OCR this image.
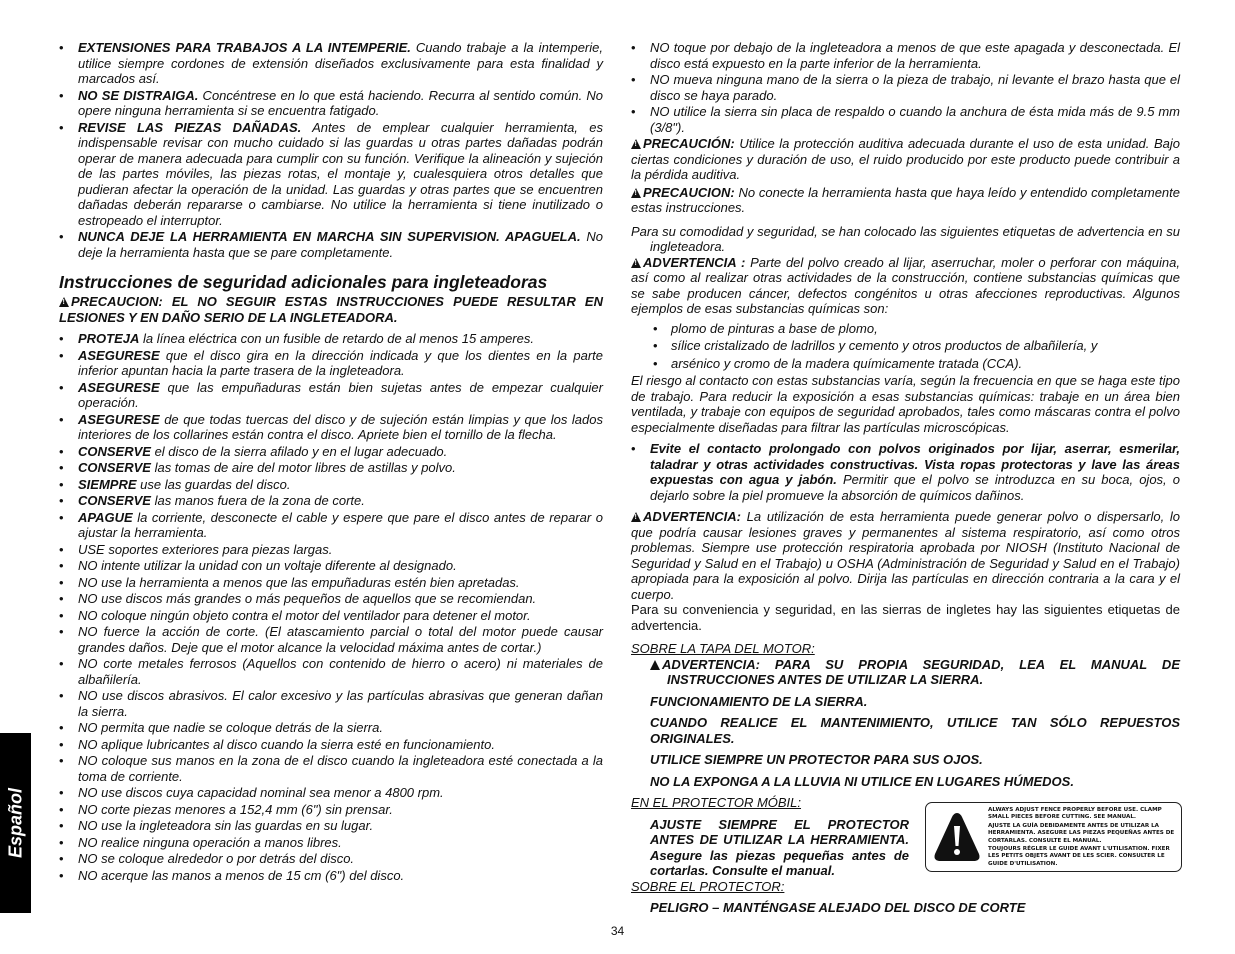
• EXTENSIONES PARA TRABAJOS A LA INTEMPERIE. Cuando trabaje a la intemperie, utilice siempre cordones de extensión diseñados exclusivamente para esta finalidad y marcados así.
• NO SE DISTRAIGA. Concéntrese en lo que está haciendo. Recurra al sentido común. No opere ninguna herramienta si se encuentra fatigado.
• REVISE LAS PIEZAS DAÑADAS. Antes de emplear cualquier herramienta, es indispensable revisar con mucho cuidado si las guardas u otras partes dañadas podrán operar de manera adecuada para cumplir con su función. Verifique la alineación y sujeción de las partes móviles, las piezas rotas, el montaje y, cualesquiera otros detalles que pudieran afectar la operación de la unidad. Las guardas y otras partes que se encuentren dañadas deberán repararse o cambiarse. No utilice la herramienta si tiene inutilizado o estropeado el interruptor.
• NUNCA DEJE LA HERRAMIENTA EN MARCHA SIN SUPERVISION. APAGUELA. No deje la herramienta hasta que se pare completamente.
Instrucciones de seguridad adicionales para ingleteadoras

!PRECAUCION: EL NO SEGUIR ESTAS INSTRUCCIONES PUEDE RESULTAR EN LESIONES Y EN DAÑO SERIO DE LA INGLETEADORA.

• PROTEJA la línea eléctrica con un fusible de retardo de al menos 15 amperes.
• ASEGURESE que el disco gira en la dirección indicada y que los dientes en la parte inferior apuntan hacia la parte trasera de la ingleteadora.
• ASEGURESE que las empuñaduras están bien sujetas antes de empezar cualquier operación.
• ASEGURESE de que todas tuercas del disco y de sujeción están limpias y que los lados interiores de los collarines están contra el disco. Apriete bien el tornillo de la flecha.
• CONSERVE el disco de la sierra afilado y en el lugar adecuado.
• CONSERVE las tomas de aire del motor libres de astillas y polvo.
• SIEMPRE use las guardas del disco.
• CONSERVE las manos fuera de la zona de corte.
• APAGUE la corriente, desconecte el cable y espere que pare el disco antes de reparar o ajustar la herramienta.
• USE soportes exteriores para piezas largas.
• NO intente utilizar la unidad con un voltaje diferente al designado.
• NO use la herramienta a menos que las empuñaduras estén bien apretadas.
• NO use discos más grandes o más pequeños de aquellos que se recomiendan.
• NO coloque ningún objeto contra el motor del ventilador para detener el motor.
• NO fuerce la acción de corte. (El atascamiento parcial o total del motor puede causar grandes daños. Deje que el motor alcance la velocidad máxima antes de cortar.)
• NO corte metales ferrosos (Aquellos con contenido de hierro o acero) ni materiales de albañilería.
• NO use discos abrasivos. El calor excesivo y las partículas abrasivas que generan dañan la sierra.
• NO permita que nadie se coloque detrás de la sierra.
• NO aplique lubricantes al disco cuando la sierra esté en funcionamiento.
• NO coloque sus manos en la zona de el disco cuando la ingleteadora esté conectada a la toma de corriente.
• NO use discos cuya capacidad nominal sea menor a 4800 rpm.
• NO corte piezas menores a 152,4 mm (6") sin prensar.
• NO use la ingleteadora sin las guardas en su lugar.
• NO realice ninguna operación a manos libres.
• NO se coloque alrededor o por detrás del disco.
• NO acerque las manos a menos de 15 cm (6") del disco.
• NO toque por debajo de la ingleteadora a menos de que este apagada y desconectada. El disco está expuesto en la parte inferior de la herramienta.
• NO mueva ninguna mano de la sierra o la pieza de trabajo, ni levante el brazo hasta que el disco se haya parado.
• NO utilice la sierra sin placa de respaldo o cuando la anchura de ésta mida más de 9.5 mm (3/8").

!PRECAUCIÓN: Utilice la protección auditiva adecuada durante el uso de esta unidad. Bajo ciertas condiciones y duración de uso, el ruido producido por este producto puede contribuir a la pérdida auditiva.

!PRECAUCION: No conecte la herramienta hasta que haya leído y entendido completamente estas instrucciones.

Para su comodidad y seguridad, se han colocado las siguientes etiquetas de advertencia en su ingleteadora.

!ADVERTENCIA : Parte del polvo creado al lijar, aserruchar, moler o perforar con máquina, así como al realizar otras actividades de la construcción, contiene substancias químicas que se sabe producen cáncer, defectos congénitos u otras afecciones reproductivas. Algunos ejemplos de esas substancias químicas son:

• plomo de pinturas a base de plomo,
• sílice cristalizado de ladrillos y cemento y otros productos de albañilería, y
• arsénico y cromo de la madera químicamente tratada (CCA).

El riesgo al contacto con estas substancias varía, según la frecuencia en que se haga este tipo de trabajo. Para reducir la exposición a esas substancias químicas: trabaje en un área bien ventilada, y trabaje con equipos de seguridad aprobados, tales como máscaras contra el polvo especialmente diseñadas para filtrar las partículas microscópicas.

• Evite el contacto prolongado con polvos originados por lijar, aserrar, esmerilar, taladrar y otras actividades constructivas. Vista ropas protectoras y lave las áreas expuestas con agua y jabón. Permitir que el polvo se introduzca en su boca, ojos, o dejarlo sobre la piel promueve la absorción de químicos dañinos.

!ADVERTENCIA: La utilización de esta herramienta puede generar polvo o dispersarlo, lo que podría causar lesiones graves y permanentes al sistema respiratorio, así como otros problemas. Siempre use protección respiratoria aprobada por NIOSH (Instituto Nacional de Seguridad y Salud en el Trabajo) u OSHA (Administración de Seguridad y Salud en el Trabajo) apropiada para la exposición al polvo. Dirija las partículas en dirección contraria a la cara y el cuerpo.

Para su conveniencia y seguridad, en las sierras de ingletes hay las siguientes etiquetas de advertencia.

SOBRE LA TAPA DEL MOTOR:

!ADVERTENCIA: PARA SU PROPIA SEGURIDAD, LEA EL MANUAL DE INSTRUCCIONES ANTES DE UTILIZAR LA SIERRA.

FUNCIONAMIENTO DE LA SIERRA.

CUANDO REALICE EL MANTENIMIENTO, UTILICE TAN SÓLO REPUESTOS ORIGINALES.

UTILICE SIEMPRE UN PROTECTOR PARA SUS OJOS.

NO LA EXPONGA A LA LLUVIA NI UTILICE EN LUGARES HÚMEDOS.

EN EL PROTECTOR MÓBIL:

AJUSTE SIEMPRE EL PROTECTOR ANTES DE UTILIZAR LA HERRAMIENTA. Asegure las piezas pequeñas antes de cortarlas. Consulte el manual.

SOBRE EL PROTECTOR:

PELIGRO – MANTÉNGASE ALEJADO DEL DISCO DE CORTE

ALWAYS ADJUST FENCE PROPERLY BEFORE USE. CLAMP SMALL PIECES BEFORE CUTTING. SEE MANUAL.
AJUSTE LA GUÍA DEBIDAMENTE ANTES DE UTILIZAR LA HERRAMIENTA. ASEGURE LAS PIEZAS PEQUEÑAS ANTES DE CORTARLAS. CONSULTE EL MANUAL.
TOUJOURS RÉGLER LE GUIDE AVANT L'UTILISATION. FIXER LES PETITS OBJETS AVANT DE LES SCIER. CONSULTER LE GUIDE D'UTILISATION.
Español
34
